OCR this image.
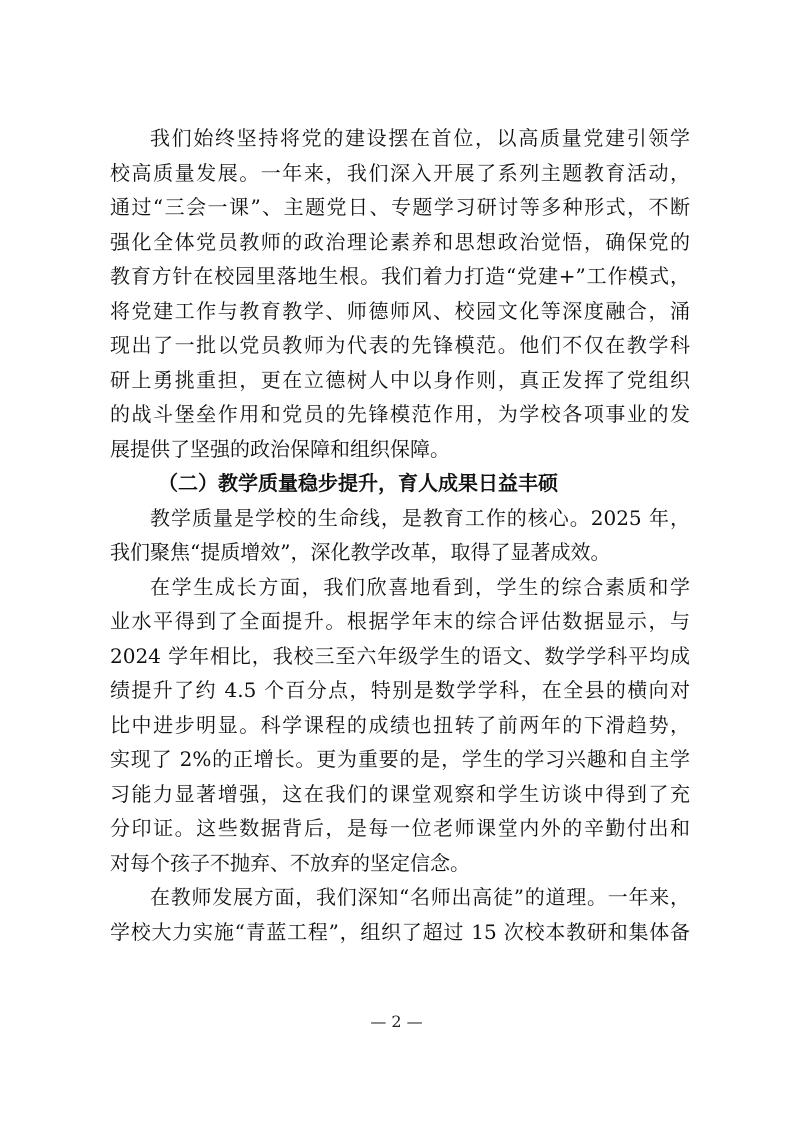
我们始终坚持将党的建设摆在首位，以高质量党建引领学
校高质量发展。一年来，我们深入开展了系列主题教育活动，
通过“三会一课”、主题党日、专题学习研讨等多种形式，不断
强化全体党员教师的政治理论素养和思想政治觉悟，确保党的
教育方针在校园里落地生根。我们着力打造“党建+”工作模式，
将党建工作与教育教学、师德师风、校园文化等深度融合，涌
现出了一批以党员教师为代表的先锋模范。他们不仅在教学科
研上勇挑重担，更在立德树人中以身作则，真正发挥了党组织
的战斗堡垒作用和党员的先锋模范作用，为学校各项事业的发
展提供了坚强的政治保障和组织保障。
（二）教学质量稳步提升，育人成果日益丰硕
教学质量是学校的生命线，是教育工作的核心。2025 年，
我们聚焦“提质增效”，深化教学改革，取得了显著成效。
在学生成长方面，我们欣喜地看到，学生的综合素质和学
业水平得到了全面提升。根据学年末的综合评估数据显示，与
2024 学年相比，我校三至六年级学生的语文、数学学科平均成
绩提升了约 4.5 个百分点，特别是数学学科，在全县的横向对
比中进步明显。科学课程的成绩也扭转了前两年的下滑趋势，
实现了 2%的正增长。更为重要的是，学生的学习兴趣和自主学
习能力显著增强，这在我们的课堂观察和学生访谈中得到了充
分印证。这些数据背后，是每一位老师课堂内外的辛勤付出和
对每个孩子不抛弃、不放弃的坚定信念。
在教师发展方面，我们深知“名师出高徒”的道理。一年来，
学校大力实施“青蓝工程”，组织了超过 15 次校本教研和集体备
— 2 —
